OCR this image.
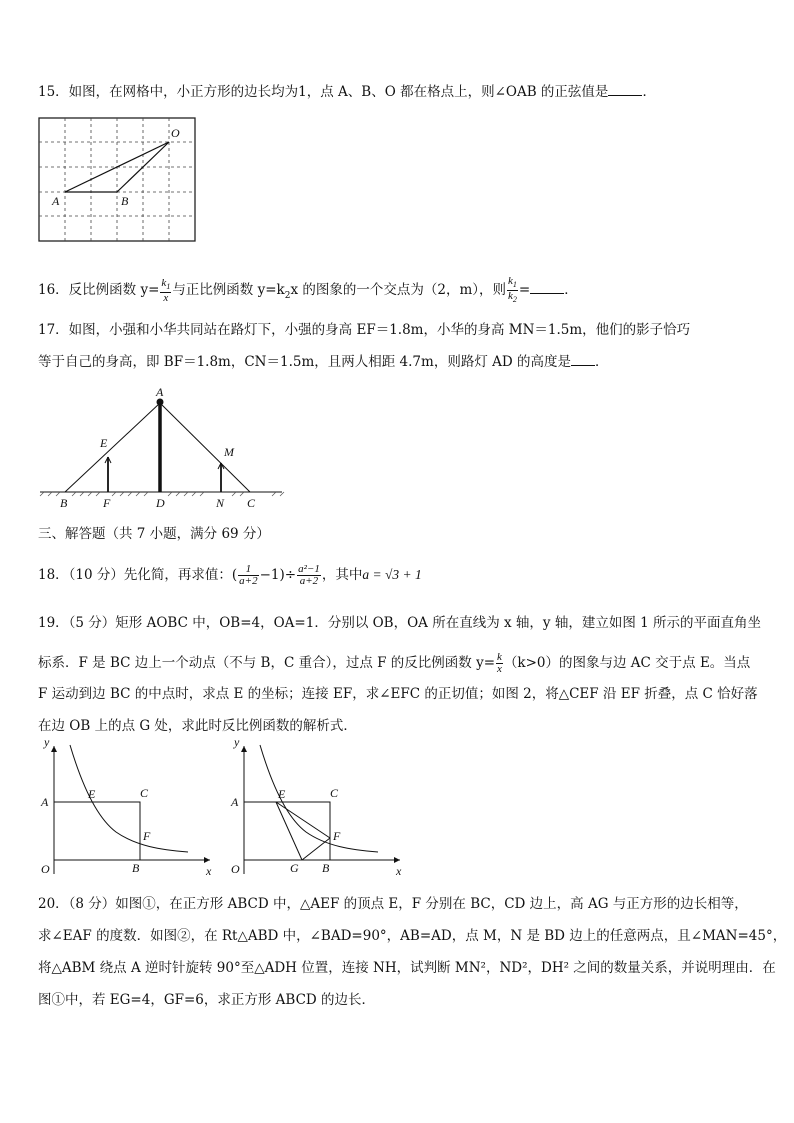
15．如图，在网格中，小正方形的边长均为1，点 A、B、O 都在格点上，则∠OAB 的正弦值是	．
O
A	B
16．反比例函数 $y= \frac{k_1}{x}$ 与正比例函数 $y=k_2x$ 的图象的一个交点为（2，m），则 $\frac{k_1}{k_2}$ =	．
17．如图，小强和小华共同站在路灯下，小强的身高 EF＝1.8m，小华的身高 MN＝1.5m，他们的影子恰巧
等于自己的身高，即 BF＝1.8m，CN＝1.5m，且两人相距 4.7m，则路灯 AD 的高度是 ．
A
E
M
B	F	D	N C
三、解答题（共 7 小题，满分 69 分）
18．（10 分）先化简，再求值：( $\frac{1}{a+2} -1)\div \frac{\text{a²−1}}{a+2}$ ，其中a = √3 + 1
19．（5 分）矩形 AOBC 中，OB=4，OA=1．分别以 OB，OA 所在直线为 x 轴，y 轴，建立如图 1 所示的平面直角坐
标系．F 是 BC 边上一个动点（不与 B，C 重合），过点 F 的反比例函数 $y= \frac{k}{x} (k>0)$的图象与边 AC 交于点 E。当点
F 运动到边 BC 的中点时，求点 E 的坐标；连接 EF，求∠EFC 的正切值；如图 2，将△CEF 沿 EF 折叠，点 C 恰好落
在边 OB 上的点 G 处，求此时反比例函数的解析式．
y
x
O
A
E	C
F
B
y
x
O
A
E	C
F
B
G
20．（8 分）如图①，在正方形 ABCD 中，△AEF 的顶点 E，F 分别在 BC，CD 边上，高 AG 与正方形的边长相等，
求∠EAF 的度数．如图②，在 Rt△ABD 中，∠BAD=90°，AB=AD，点 M，N 是 BD 边上的任意两点，且∠MAN=45°，
将△ABM 绕点 A 逆时针旋转 90°至△ADH 位置，连接 NH，试判断 MN²，ND²，DH² 之间的数量关系，并说明理由．在
图①中，若 EG=4，GF=6，求正方形 ABCD 的边长．
